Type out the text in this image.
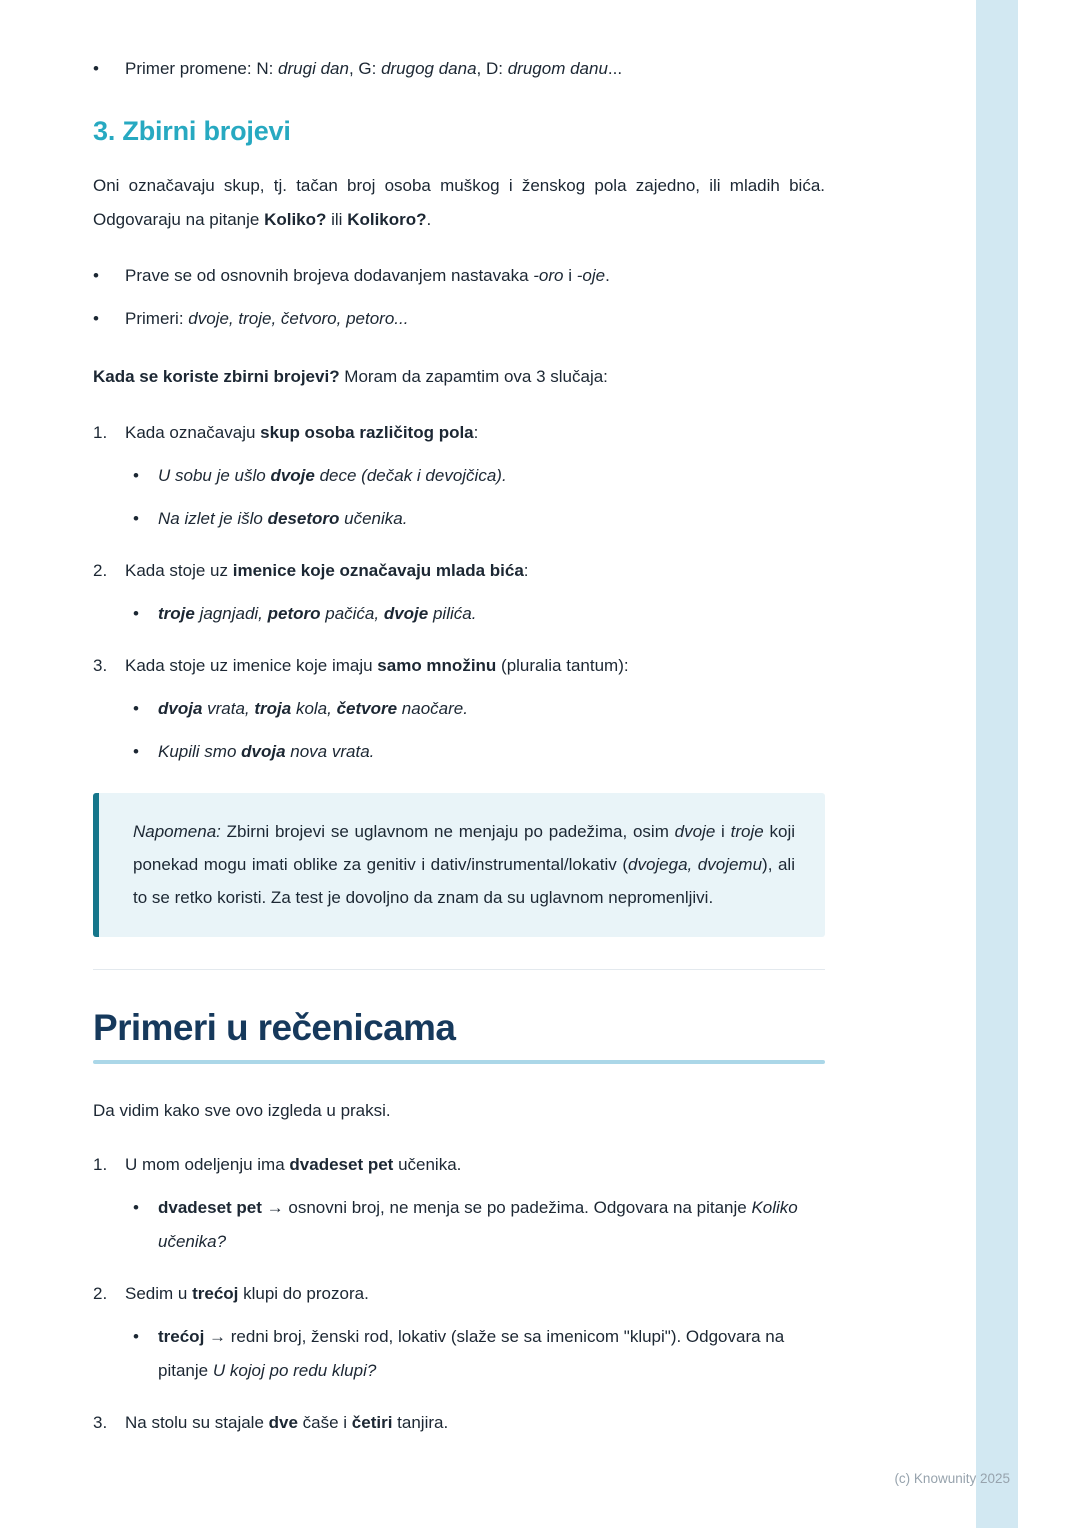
•	Primer promene: N: drugi dan, G: drugog dana, D: drugom danu...
3. Zbirni brojevi

Oni označavaju skup, tj. tačan broj osoba muškog i ženskog pola zajedno, ili mladih bića. Odgovaraju na pitanje Koliko? ili Kolikoro?.

•	Prave se od osnovnih brojeva dodavanjem nastavaka -oro i -oje.
•	Primeri: dvoje, troje, četvoro, petoro...

Kada se koriste zbirni brojevi? Moram da zapamtim ova 3 slučaja:

1.	Kada označavaju skup osoba različitog pola:
•	U sobu je ušlo dvoje dece (dečak i devojčica).
•	Na izlet je išlo desetoro učenika.
2.	Kada stoje uz imenice koje označavaju mlada bića:
•	troje jagnjadi, petoro pačića, dvoje pilića.
3.	Kada stoje uz imenice koje imaju samo množinu (pluralia tantum):
•	dvoja vrata, troja kola, četvore naočare.
•	Kupili smo dvoja nova vrata.

Napomena: Zbirni brojevi se uglavnom ne menjaju po padežima, osim dvoje i troje koji ponekad mogu imati oblike za genitiv i dativ/instrumental/lokativ (dvojega, dvojemu), ali to se retko koristi. Za test je dovoljno da znam da su uglavnom nepromenljivi.

Primeri u rečenicama

Da vidim kako sve ovo izgleda u praksi.

1.	U mom odeljenju ima dvadeset pet učenika.
•	dvadeset pet → osnovni broj, ne menja se po padežima. Odgovara na pitanje Koliko učenika?
2.	Sedim u trećoj klupi do prozora.
•	trećoj → redni broj, ženski rod, lokativ (slaže se sa imenicom "klupi"). Odgovara na pitanje U kojoj po redu klupi?
3.	Na stolu su stajale dve čaše i četiri tanjira.
(c) Knowunity 2025
